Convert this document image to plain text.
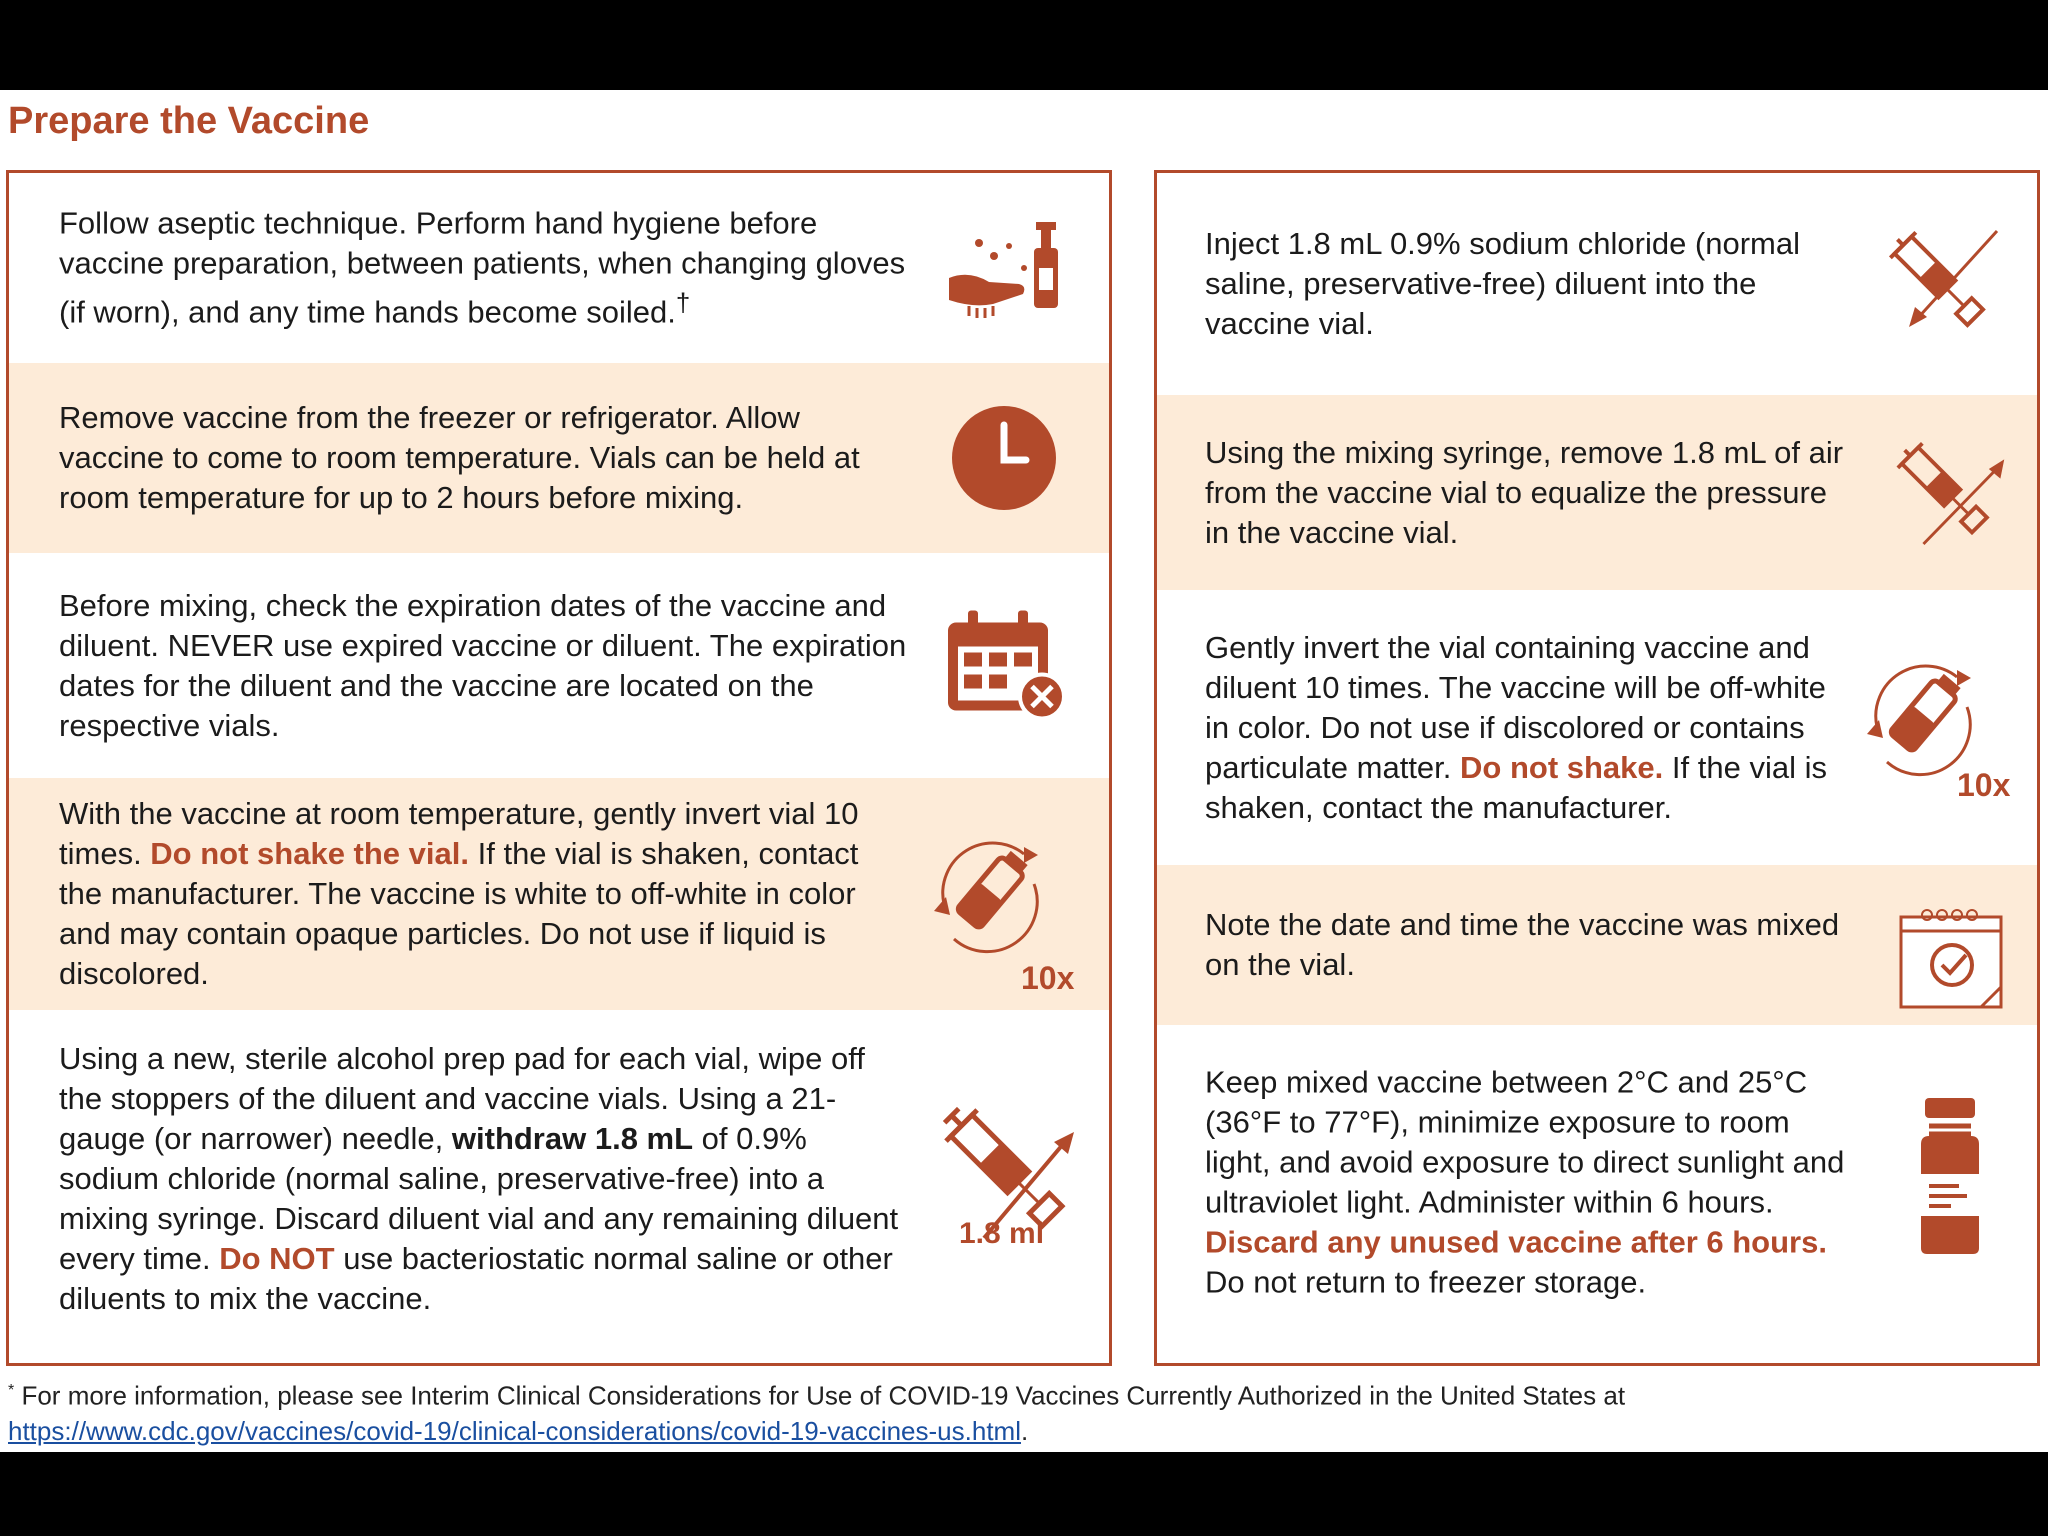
Prepare the Vaccine
Follow aseptic technique. Perform hand hygiene before vaccine preparation, between patients, when changing gloves (if worn), and any time hands become soiled.†
Remove vaccine from the freezer or refrigerator. Allow vaccine to come to room temperature. Vials can be held at room temperature for up to 2 hours before mixing.
Before mixing, check the expiration dates of the vaccine and diluent. NEVER use expired vaccine or diluent. The expiration dates for the diluent and the vaccine are located on the respective vials.
With the vaccine at room temperature, gently invert vial 10 times. Do not shake the vial. If the vial is shaken, contact the manufacturer. The vaccine is white to off-white in color and may contain opaque particles. Do not use if liquid is discolored.	10x
Using a new, sterile alcohol prep pad for each vial, wipe off the stoppers of the diluent and vaccine vials. Using a 21-gauge (or narrower) needle, withdraw 1.8 mL of 0.9% sodium chloride (normal saline, preservative-free) into a mixing syringe. Discard diluent vial and any remaining diluent every time. Do NOT use bacteriostatic normal saline or other diluents to mix the vaccine.
1.8 ml
Inject 1.8 mL 0.9% sodium chloride (normal saline, preservative-free) diluent into the vaccine vial.
Using the mixing syringe, remove 1.8 mL of air from the vaccine vial to equalize the pressure in the vaccine vial.
Gently invert the vial containing vaccine and diluent 10 times. The vaccine will be off-white in color. Do not use if discolored or contains particulate matter. Do not shake. If the vial is shaken, contact the manufacturer.
10x
Note the date and time the vaccine was mixed on the vial.
Keep mixed vaccine between 2°C and 25°C (36°F to 77°F), minimize exposure to room light, and avoid exposure to direct sunlight and ultraviolet light. Administer within 6 hours. Discard any unused vaccine after 6 hours. Do not return to freezer storage.
* For more information, please see Interim Clinical Considerations for Use of COVID-19 Vaccines Currently Authorized in the United States at https://www.cdc.gov/vaccines/covid-19/clinical-considerations/covid-19-vaccines-us.html.
